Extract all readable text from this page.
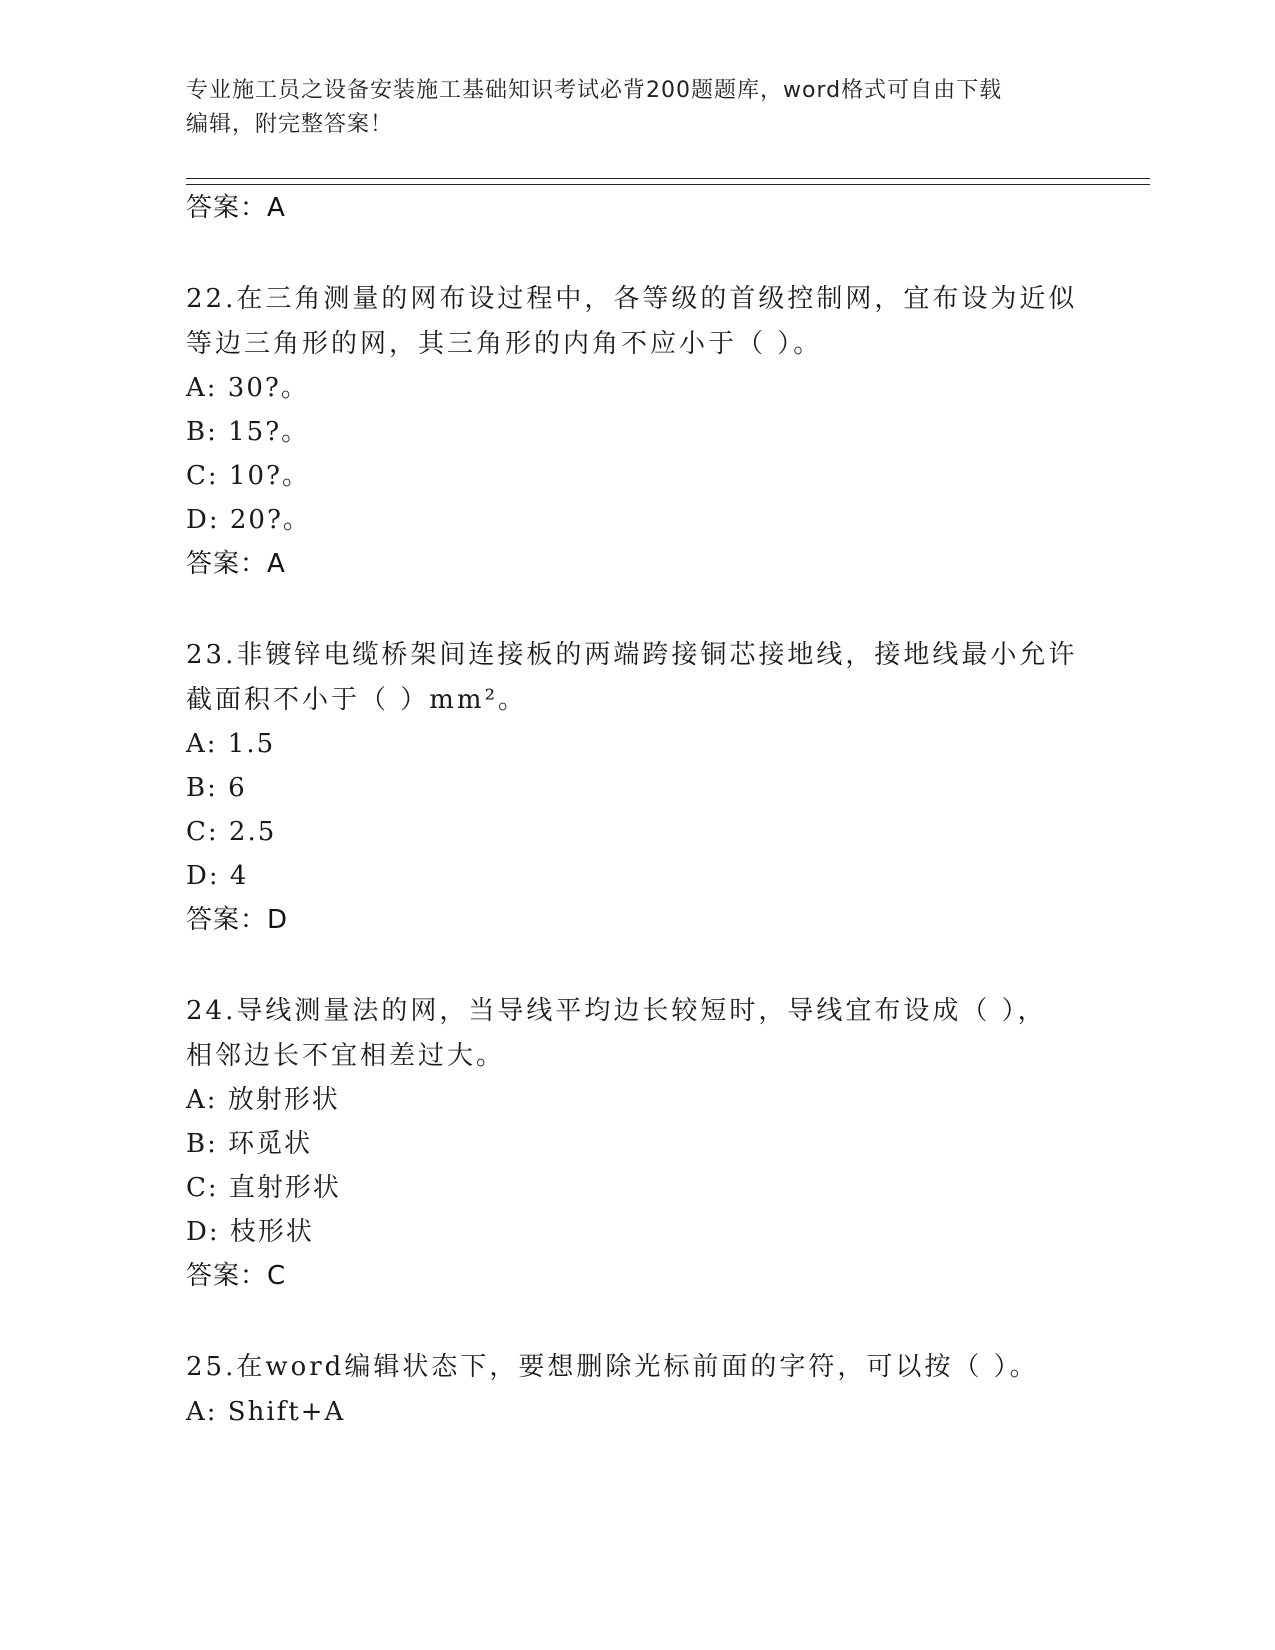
专业施工员之设备安装施工基础知识考试必背200题题库，word格式可自由下载
编辑，附完整答案！
答案：A
22.在三角测量的网布设过程中，各等级的首级控制网，宜布设为近似
等边三角形的网，其三角形的内角不应小于（ ）。
A: 30?。
B: 15?。
C: 10?。
D: 20?。
答案：A
23.非镀锌电缆桥架间连接板的两端跨接铜芯接地线，接地线最小允许
截面积不小于（ ）mm²。
A: 1.5
B: 6
C: 2.5
D: 4
答案：D
24.导线测量法的网，当导线平均边长较短时，导线宜布设成（ ），
相邻边长不宜相差过大。
A: 放射形状
B: 环觅状
C: 直射形状
D: 枝形状
答案：C
25.在word编辑状态下，要想删除光标前面的字符，可以按（ ）。
A: Shift+A
